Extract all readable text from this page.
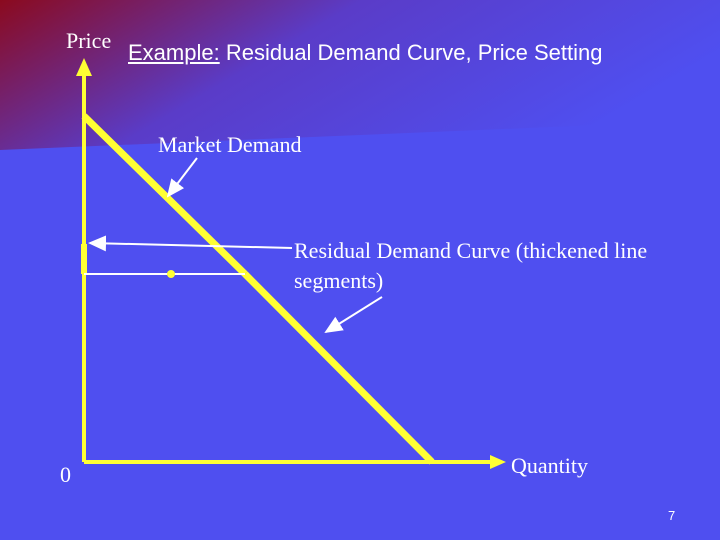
Example: Residual Demand Curve, Price Setting
Price
Market Demand
Residual Demand Curve (thickened line segments)
0	Quantity
7
